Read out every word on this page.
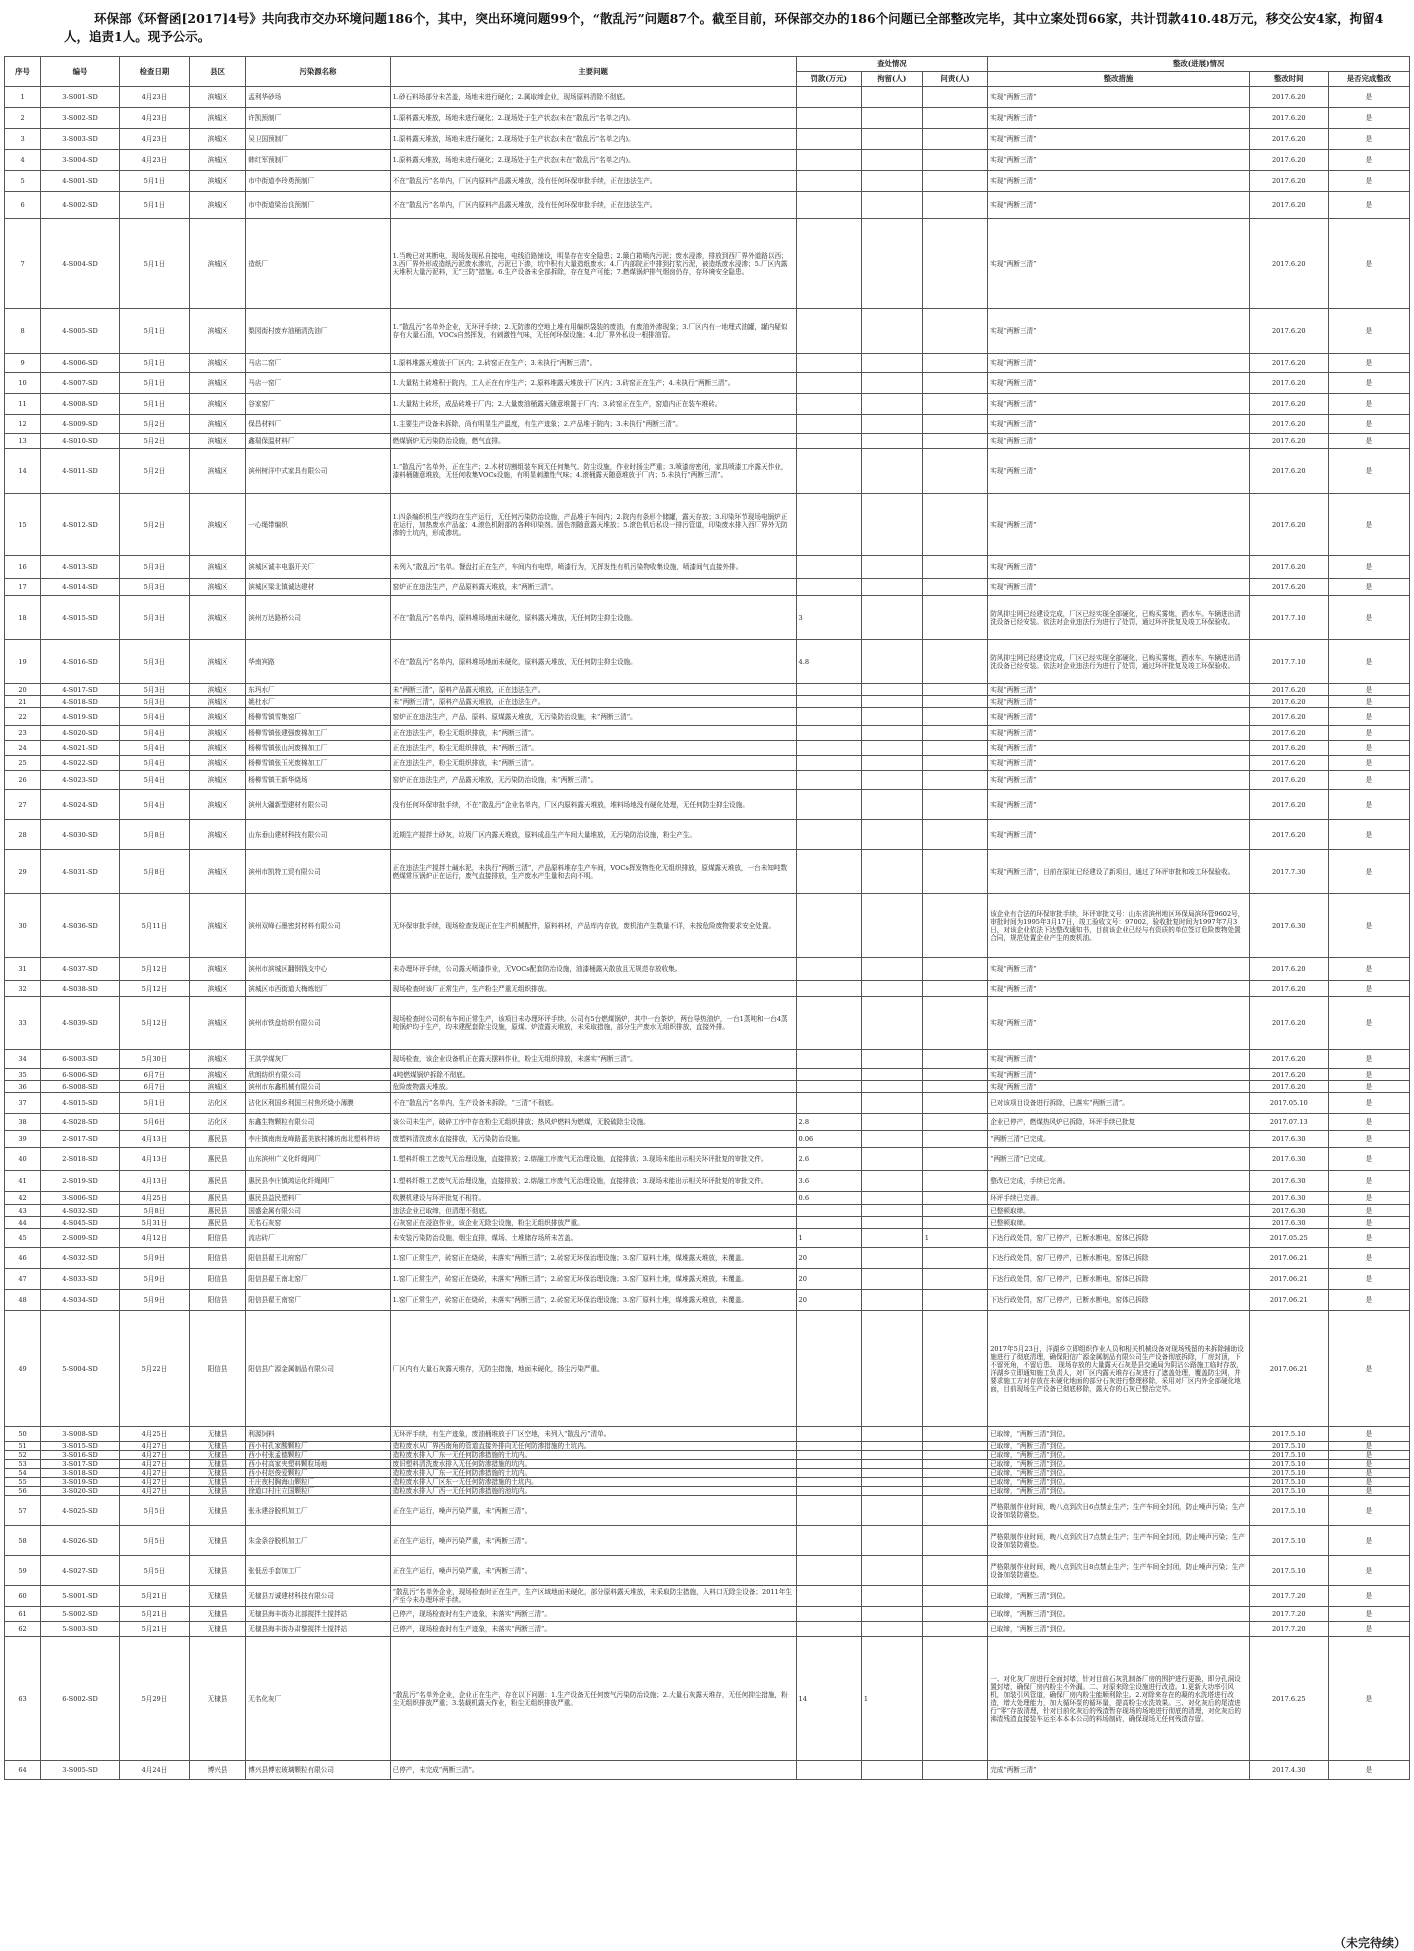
环保部《环督函[2017]4号》共向我市交办环境问题186个，其中，突出环境问题99个，“散乱污”问题87个。截至目前，环保部交办的186个问题已全部整改完毕，其中立案处罚66家，共计罚款410.48万元，移交公安4家，拘留4人，追责1人。现予公示。
序号	编号	检查日期	县区	污染源名称	主要问题	查处情况			整改(进展)情况		
						罚款(万元)	拘留(人)	问责(人)	整改措施	整改时间	是否完成整改
1	3-S001-SD	4月23日	滨城区	孟利华砂场	1.砂石料场部分未苫盖，场地未进行硬化；2.属取缔企业，现场原料清除不彻底。				实现“两断三清”	2017.6.20	是
2	3-S002-SD	4月23日	滨城区	许凯预制厂	1.原料露天堆放，场地未进行硬化；2.现场处于生产状态(未在“散乱污”名单之内)。				实现“两断三清”	2017.6.20	是
3	3-S003-SD	4月23日	滨城区	吴卫国预制厂	1.原料露天堆放，场地未进行硬化；2.现场处于生产状态(未在“散乱污”名单之内)。				实现“两断三清”	2017.6.20	是
4	3-S004-SD	4月23日	滨城区	韩红军预制厂	1.原料露天堆放，场地未进行硬化；2.现场处于生产状态(未在“散乱污”名单之内)。				实现“两断三清”	2017.6.20	是
5	4-S001-SD	5月1日	滨城区	市中街道李玲勇预制厂	不在“散乱污”名单内，厂区内原料产品露天堆放，没有任何环保审批手续，正在违法生产。				实现“两断三清”	2017.6.20	是
6	4-S002-SD	5月1日	滨城区	市中街道梁治良预制厂	不在“散乱污”名单内，厂区内原料产品露天堆放，没有任何环保审批手续，正在违法生产。				实现“两断三清”	2017.6.20	是
7	4-S004-SD	5月1日	滨城区	造纸厂	1.当晚已对其断电，现场发现私自接电，电线沿路铺设，明显存在安全隐患；2.簸白箱喷内污泥；废水浸渗，排放到西厂界外道路以西；3.西厂界外形成造纸污泥废水渗坑，污泥已下渗，坑中积有大量造纸废水；4.厂内部院正中排到打浆污泥，被造纸废水浸渗；5.厂区内露天堆积大量污泥料，无“三防”措施。6.生产设备未全部拆除，存在复产可能；7.燃煤锅炉排气烟囱仍存，存环境安全隐患。				实现“两断三清”	2017.6.20	是
8	4-S005-SD	5月1日	滨城区	梨园街村废弃油桶清洗油厂	1.“散乱污”名单外企业，无环评手续；2.无防渗的空地上堆有用编织袋装的废油，有废油外渗现象；3.厂区内有一地埋式油罐，罐内疑似存有大量石油，VOCs自然挥发，有刺激性气味，无任何环保设施；4.北厂界外私设一根排油管。				实现“两断三清”	2017.6.20	是
9	4-S006-SD	5月1日	滨城区	马店二窑厂	1.原料堆露天堆放于厂区内；2.砖窑正在生产；3.未执行“两断三清”。				实现“两断三清”	2017.6.20	是
10	4-S007-SD	5月1日	滨城区	马店一窑厂	1.大量粘土砖堆积于院内，工人正在有序生产；2.原料堆露天堆放于厂区内；3.砖窑正在生产；4.未执行“两断三清”。				实现“两断三清”	2017.6.20	是
11	4-S008-SD	5月1日	滨城区	谷家窑厂	1.大量粘土砖坯，成品砖堆于厂内；2.大量废油桶露天随意堆置于厂内；3.砖窑正在生产，窑道内正在装车堆砖。				实现“两断三清”	2017.6.20	是
12	4-S009-SD	5月2日	滨城区	保昌材料厂	1.主要生产设备未拆除，尚有明显生产温度，有生产迹象；2.产品堆于院内；3.未执行“两断三清”。				实现“两断三清”	2017.6.20	是
13	4-S010-SD	5月2日	滨城区	鑫瑞保温材料厂	燃煤锅炉无污染防治设施，燃气直排。				实现“两断三清”	2017.6.20	是
14	4-S011-SD	5月2日	滨城区	滨州树洋中式家具有限公司	1.“散乱污”名单外，正在生产；2.木材切割组装车间无任何集气、防尘设施，作业时扬尘严重；3.喷漆房密闭，家具喷漆工序露天作业，漆料桶随意堆放，无任何收集VOCs设施，有明显刺激性气味；4.滚桶露天随意堆放于厂内；5.未执行“两断三清”。				实现“两断三清”	2017.6.20	是
15	4-S012-SD	5月2日	滨城区	一心绳带编织	1.四条编织机生产线均在生产运行，无任何污染防治设施，产品堆于车间内；2.院内有条形个储罐，露天存放；3.印染环节现场电锅炉正在运行，加热废水产品盆；4.滚色机附部的各种印染剂。固色剂随意露天堆放；5.滚色机后私设一排污管道，印染废水排入西厂界外无防渗的土坑内，形成渗坑。				实现“两断三清”	2017.6.20	是
16	4-S013-SD	5月3日	滨城区	滨城区诚丰电器开关厂	未列入“散乱污”名单。餐盘打正在生产，车间内有电焊，喷漆行为，无挥发性有机污染物收集设施，喷漆间气直接外排。				实现“两断三清”	2017.6.20	是
17	4-S014-SD	5月3日	滨城区	滨城区梁北镇诚达建材	窑炉正在违法生产，产品原料露天堆放，未“两断三清”。				实现“两断三清”	2017.6.20	是
18	4-S015-SD	5月3日	滨城区	滨州万达路桥公司	不在“散乱污”名单内，原料堆场地面未硬化，原料露天堆放，无任何防尘抑尘设施。	3			防风抑尘网已经建设完成，厂区已经实现全部硬化，已购买雾炮，洒水车。车辆进出清洗设备已经安装。依法对企业违法行为进行了处罚，通过环评批复及竣工环保验收。	2017.7.10	是
19	4-S016-SD	5月3日	滨城区	华南宾路	不在“散乱污”名单内，原料堆场地面未硬化，原料露天堆放，无任何防尘抑尘设施。	4.8			防风抑尘网已经建设完成，厂区已经实现全部硬化，已购买雾炮，洒水车。车辆进出清洗设备已经安装。依法对企业违法行为进行了处罚，通过环评批复及竣工环保验收。	2017.7.10	是
20	4-S017-SD	5月3日	滨城区	东玛水厂	未“两断三清”，原料产品露天堆放，正在违法生产。				实现“两断三清”	2017.6.20	是
21	4-S018-SD	5月3日	滨城区	姚杜水厂	未“两断三清”，原料产品露天堆放，正在违法生产。				实现“两断三清”	2017.6.20	是
22	4-S019-SD	5月4日	滨城区	杨柳雪镇雪集窑厂	窑炉正在违法生产，产品、原料、原煤露天堆放，无污染防治设施，未“两断三清”。				实现“两断三清”	2017.6.20	是
23	4-S020-SD	5月4日	滨城区	杨柳雪镇张建强废棉加工厂	正在违法生产，粉尘无组织排放，未“两断三清”。				实现“两断三清”	2017.6.20	是
24	4-S021-SD	5月4日	滨城区	杨柳雪镇张山河废棉加工厂	正在违法生产，粉尘无组织排放，未“两断三清”。				实现“两断三清”	2017.6.20	是
25	4-S022-SD	5月4日	滨城区	杨柳雪镇张玉光废棉加工厂	正在违法生产，粉尘无组织排放，未“两断三清”。				实现“两断三清”	2017.6.20	是
26	4-S023-SD	5月4日	滨城区	杨柳雪镇王新华烧场	窑炉正在违法生产，产品露天堆放，无污染防治设施，未“两断三清”。				实现“两断三清”	2017.6.20	是
27	4-S024-SD	5月4日	滨城区	滨州大疆新型建材有限公司	没有任何环保审批手续，不在“散乱污”企业名单内，厂区内原料露天堆放，堆料场地没有硬化处理，无任何防尘抑尘设施。				实现“两断三清”	2017.6.20	是
28	4-S030-SD	5月8日	滨城区	山东垂山建材科技有限公司	近期生产搅拌土砂灰，垃圾厂区内露天堆放，原料成品生产车间大量堆放，无污染防治设施，粉尘产生。				实现“两断三清”	2017.6.20	是
29	4-S031-SD	5月8日	滨城区	滨州市凯特工贸有限公司	正在违法生产搅拌土碱水泥，未执行“两断三清”，产品原料堆存生产车间，VOCs挥发物性化无组织排放，原煤露天堆放，一台未知吨数燃煤常压锅炉正在运行，废气直接排放，生产废水产生量和去向不明。				实现“两断三清”，目前在原址已经建设了新项目，通过了环评审批和竣工环保验收。	2017.7.30	是
30	4-S036-SD	5月11日	滨城区	滨州双峰石墨密封材料有限公司	无环保审批手续，现场检查发现正在生产机械配件，原料料材，产品库内存放，废机油产生数量不详，未按危险废物要求安全处置。				该企业有合法的环保审批手续，环评审批文号：山东省滨州地区环保局滨环管9602号，审批时间为1995年3月17日，竣工验收文号：97002，验收批复时间为1997年7月3日，对该企业依法下达整改通知书，目前该企业已经与有资质的单位签订危险废物处置合同，规范处置企业产生的废机油。	2017.6.30	是
31	4-S037-SD	5月12日	滨城区	滨州市滨城区翻钢钱支中心	未办理环评手续，公司露天喷漆作业，无VOCs配套防治设施，油漆桶露天散放且无规范存放收集。				实现“两断三清”	2017.6.20	是
32	4-S038-SD	5月12日	滨城区	滨城区市西街道大梅炼铝厂	现场检查时该厂正常生产，生产粉尘严重无组织排放。				实现“两断三清”	2017.6.20	是
33	4-S039-SD	5月12日	滨城区	滨州市铁盘纺织有限公司	现场检查时公司织布车间正常生产，该项目未办理环评手续。公司有5台燃煤锅炉，其中一台茶炉，两台导热油炉，一台1蒸吨和一台4蒸吨锅炉均于生产，均未建配套除尘设施，原煤、炉渣露天堆放，未采取措施，部分生产废水无组织排放，直接外排。				实现“两断三清”	2017.6.20	是
34	6-S003-SD	5月30日	滨城区	王洪学煤灰厂	现场检查，该企业设备机正在露天摆料作业，粉尘无组织排放，未落实“两断三清”。				实现“两断三清”	2017.6.20	是
35	6-S006-SD	6月7日	滨城区	欣朗纺织有限公司	4吨燃煤锅炉拆除不彻底。				实现“两断三清”	2017.6.20	是
36	6-S008-SD	6月7日	滨城区	滨州市东鑫机械有限公司	危险废物露天堆放。				实现“两断三清”	2017.6.20	是
37	4-S015-SD	5月1日	沾化区	沾化区利国乡利国三村焦坯烧小薄膜	不在“散乱污”名单内，生产设备未拆除，“三清”不彻底。				已对该项目设备进行拆除，已落实“两断三清”。	2017.05.10	是
38	4-S028-SD	5月6日	沾化区	东鑫生物颗粒有限公司	该公司未生产，破碎工序中存在粉尘无组织排放；热风炉燃料为燃煤，无脱硫除尘设施。	2.8			企业已停产，燃煤热风炉已拆除，环评手续已批复	2017.07.13	是
39	2-S017-SD	4月13日	惠民县	李庄镇南南龙峰路蓝美族村摊坊南北塑料件坊	废塑料清洗废水直接排放，无污染防治设施。	0.06			“两断三清”已完成。	2017.6.30	是
40	2-S018-SD	4月13日	惠民县	山东滨州广义化纤绳网厂	1.塑料纤维工艺废气无治理设施，直接排放；2.熔融工序废气无治理设施，直接排放；3.现场未能出示相关环评批复的审批文件。	2.6			“两断三清”已完成。	2017.6.30	是
41	2-S019-SD	4月13日	惠民县	惠民县李庄镇鸿运化纤绳网厂	1.塑料纤维工艺废气无治理设施，直接排放；2.熔融工序废气无治理设施，直接排放；3.现场未能出示相关环评批复的审批文件。	3.6			整改已完成，手续已完善。	2017.6.30	是
42	3-S006-SD	4月25日	惠民县	惠民县益民塑料厂	吹膜机建设与环评批复不相符。	0.6			环评手续已完善。	2017.6.30	是
43	4-S032-SD	5月8日	惠民县	国盛金属有限公司	违法企业已取缔，但清理不彻底。				已整顿取缔。	2017.6.30	是
44	4-S045-SD	5月31日	惠民县	无名石灰窑	石灰窑正在浸泡作业，该企业无除尘设施，粉尘无组织排放严重。				已整顿取缔。	2017.6.30	是
45	2-S009-SD	4月12日	阳信县	流店砖厂	未安装污染防治设施，烟尘直排，煤场、土堆储存场所未苫盖。	1		1	下达行政处罚，窑厂已停产，已断水断电，窑体已拆除	2017.05.25	是
46	4-S032-SD	5月9日	阳信县	阳信县翟王北府窑厂	1.窑厂正常生产，砖窑正在烧砖，未落实“两断三清”；2.砖窑无环保治理设施；3.窑厂原料土堆，煤堆露天堆放，未覆盖。	20			下达行政处罚，窑厂已停产，已断水断电，窑体已拆除	2017.06.21	是
47	4-S033-SD	5月9日	阳信县	阳信县翟王南北窑厂	1.窑厂正常生产，砖窑正在烧砖，未落实“两断三清”；2.砖窑无环保治理设施；3.窑厂原料土堆，煤堆露天堆放，未覆盖。	20			下达行政处罚，窑厂已停产，已断水断电，窑体已拆除	2017.06.21	是
48	4-S034-SD	5月9日	阳信县	阳信县翟王南窑厂	1.窑厂正常生产，砖窑正在烧砖，未落实“两断三清”；2.砖窑无环保治理设施；3.窑厂原料土堆，煤堆露天堆放，未覆盖。	20			下达行政处罚，窑厂已停产，已断水断电，窑体已拆除	2017.06.21	是
49	5-S004-SD	5月22日	阳信县	阳信县广源金属制品有限公司	厂区内有大量石灰露天堆存，无防尘措施，地面未硬化，扬尘污染严重。				2017年5月23日，洋湖乡立即组织作业人员和相关机械设备对现场残留的未拆除辅助设施进行了彻底清理，确保阳信广源金属制品有限公司生产设备彻底拆除，厂房封顶，下不留死角，不留后患。 现场存放的大量露天石灰是县交通局为阴沾公路施工临时存放，洋湖乡立即通知施工负责人，对厂区内露天堆存石灰进行了遮盖处理，覆盖防尘网，并要求施工方对存放在未硬化地面的部分石灰进行整理移除，采用对厂区内外全部硬化地面，目前现场生产设备已彻底移除，露天存的石灰已整治完毕。	2017.06.21	是
50	3-S008-SD	4月25日	无棣县	利源饲料	无环评手续，有生产迹象，废油桶堆放于厂区空地，未列入“散乱污”清单。				已取缔，“两断三清”到位。	2017.5.10	是
51	3-S015-SD	4月27日	无棣县	西小村孔家酸颗粒厂	造粒废水从厂界西南角的管道直接外排向无任何防渗措施的土坑内。				已取缔，“两断三清”到位。	2017.5.10	是
52	3-S016-SD	4月27日	无棣县	西小村张孟德颗粒厂	造粒废水排入厂东一无任何防渗措施的土坑内。				已取缔，“两断三清”到位。	2017.5.10	是
53	3-S017-SD	4月27日	无棣县	西小村高家夹塑料颗粒场地	废旧塑料清洗废水排入无任何防渗措施的坑内。				已取缔，“两断三清”到位。	2017.5.10	是
54	3-S018-SD	4月27日	无棣县	西小村赵俊爱颗粒厂	造粒废水排入厂东一无任何防渗措施的土坑内。				已取缔，“两断三清”到位。	2017.5.10	是
55	3-S019-SD	4月27日	无棣县	王庄夜村胸海山颗粒厂	造粒废水排入厂区东一无任何防渗措施的土坑内。				已取缔，“两断三清”到位。	2017.5.10	是
56	3-S020-SD	4月27日	无棣县	徐道口村庄立国颗粒厂	造粒废水排入厂西一无任何防渗措施的池坑内。				已取缔，“两断三清”到位。	2017.5.10	是
57	4-S025-SD	5月5日	无棣县	张永建谷脱机加工厂	正在生产运行，噪声污染严重，未“两断三清”。				严格限制作业时间，晚八点到次日6点禁止生产；生产车间全封闭，防止噪声污染；生产设备加装防震垫。	2017.5.10	是
58	4-S026-SD	5月5日	无棣县	朱金条谷脱机加工厂	正在生产运行，噪声污染严重，未“两断三清”。				严格限制作业时间，晚八点到次日7点禁止生产；生产车间全封闭，防止噪声污染；生产设备加装防震垫。	2017.5.10	是
59	4-S027-SD	5月5日	无棣县	张低岳手套加工厂	正在生产运行，噪声污染严重，未“两断三清”。				严格限制作业时间，晚八点到次日8点禁止生产；生产车间全封闭，防止噪声污染；生产设备加装防震垫。	2017.5.10	是
60	5-S001-SD	5月21日	无棣县	无棣县万诚建材科技有限公司	“散乱污”名单外企业，现场检查时正在生产，生产区域地面未硬化，部分原料露天堆放，未采取防尘措施，入料口无除尘设备；2011年生产至今未办理环评手续。				已取缔，“两断三清”到位。	2017.7.20	是
61	5-S002-SD	5月21日	无棣县	无棣县海丰街办北部搅拌土搅拌站	已停产，现场检查时有生产迹象，未落实“两断三清”。				已取缔，“两断三清”到位。	2017.7.20	是
62	5-S003-SD	5月21日	无棣县	无棣县海丰街办肃黎搅拌土搅拌站	已停产，现场检查时有生产迹象，未落实“两断三清”。				已取缔，“两断三清”到位。	2017.7.20	是
63	6-S002-SD	5月29日	无棣县	无名化灰厂	“散乱污”名单外企业，企业正在生产，存在以下问题：1.生产设备无任何废气污染防治设施；2.大量石灰露天堆存，无任何抑尘措施，粉尘无组织排放严重；3.装载机露天作业，粉尘无组织排放严重。	14	1		一、对化灰厂房进行全面封堵，针对目前石灰乳制备厂房的围护进行更换，即分孔洞设置封堵，确保厂房内粉尘不外漏。二、对原来除尘设施进行改造。1.更新大功率引风机，加装引风管道，确保厂房内粉尘能顺利除尘。2.对除来存在的凝的水洗塔进行改造，增大处理能力，加大循环泵的循环量，提高粉尘水洗效果。三、对化灰后的尾渣进行“零”存放清理，针对目前化灰后的残渣暂存现场的场地进行彻底的清理，对化灰后的沸渣残渣直接装车运至本本本公司的料场制砖，确保现场无任何残渣存留。	2017.6.25	是
64	3-S005-SD	4月24日	博兴县	博兴县博宏玻璃颗粒有限公司	已停产，未完成“两断三清”。				完成“两断三清”	2017.4.30	是
（未完待续）
